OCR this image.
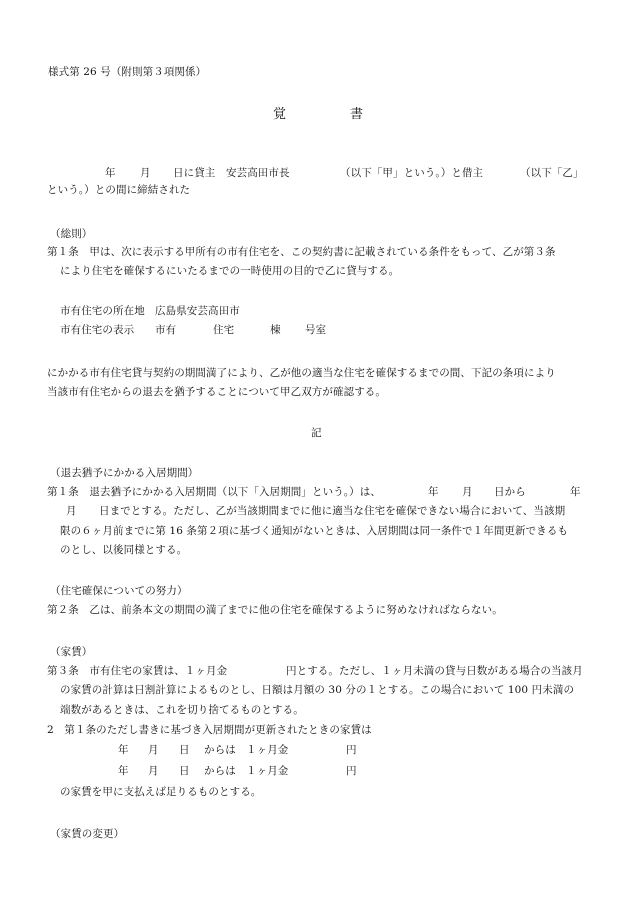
様式第 26 号（附則第３項関係）
覚	書
年 月 日に貸主　安芸高田市長	（以下「甲」という。）と借主	（以下「乙」
という。）との間に締結された
（総則）
第１条　甲は、次に表示する甲所有の市有住宅を、この契約書に記載されている条件をもって、乙が第３条
により住宅を確保するにいたるまでの一時使用の目的で乙に貸与する。
市有住宅の所在地 広島県安芸高田市
市有住宅の表示 市有	住宅	棟 号室
にかかる市有住宅貸与契約の期間満了により、乙が他の適当な住宅を確保するまでの間、下記の条項により
当該市有住宅からの退去を猶予することについて甲乙双方が確認する。
記
（退去猶予にかかる入居期間）
第１条　退去猶予にかかる入居期間（以下「入居期間」という。）は、	年 月 日から	年
月 日までとする。ただし、乙が当該期間までに他に適当な住宅を確保できない場合において、当該期
限の６ヶ月前までに第 16 条第２項に基づく通知がないときは、入居期間は同一条件で１年間更新できるも
のとし、以後同様とする。
（住宅確保についての努力）
第２条　乙は、前条本文の期間の満了までに他の住宅を確保するように努めなければならない。
（家賃）
第３条　市有住宅の家賃は、１ヶ月金	円とする。ただし、１ヶ月未満の貸与日数がある場合の当該月
の家賃の計算は日割計算によるものとし、日額は月額の 30 分の１とする。この場合において 100 円未満の
端数があるときは、これを切り捨てるものとする。
2　第１条のただし書きに基づき入居期間が更新されたときの家賃は
年 月 日 からは １ヶ月金	円
年 月 日 からは １ヶ月金	円
の家賃を甲に支払えば足りるものとする。
（家賃の変更）
